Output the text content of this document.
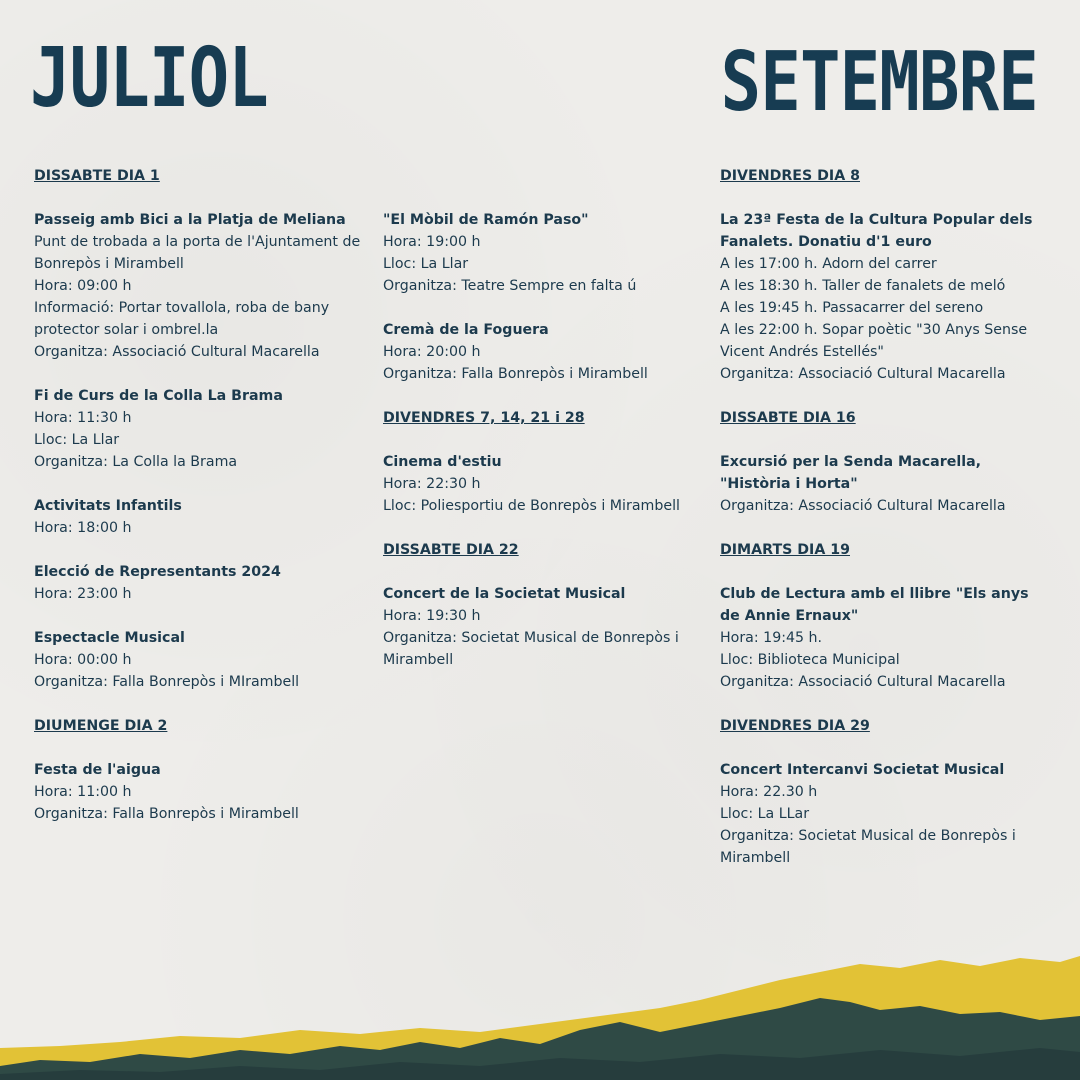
JULIOL	SETEMBRE
DISSABTE DIA 1
Passeig amb Bici a la Platja de Meliana
Punt de trobada a la porta de l'Ajuntament de Bonrepòs i Mirambell
Hora: 09:00 h
Informació: Portar tovallola, roba de bany protector solar i ombrel.la
Organitza: Associació Cultural Macarella
Fi de Curs de la Colla La Brama
Hora: 11:30 h
Lloc: La Llar
Organitza: La Colla la Brama
Activitats Infantils
Hora: 18:00 h
Elecció de Representants 2024
Hora: 23:00 h
Espectacle Musical
Hora: 00:00 h
Organitza: Falla Bonrepòs i MIrambell
DIUMENGE DIA 2
Festa de l'aigua
Hora: 11:00 h
Organitza: Falla Bonrepòs i Mirambell
"El Mòbil de Ramón Paso"
Hora: 19:00 h
Lloc: La Llar
Organitza: Teatre Sempre en falta ú
Cremà de la Foguera
Hora: 20:00 h
Organitza: Falla Bonrepòs i Mirambell
DIVENDRES 7, 14, 21 i 28
Cinema d'estiu
Hora: 22:30 h
Lloc: Poliesportiu de Bonrepòs i Mirambell
DISSABTE DIA 22
Concert de la Societat Musical
Hora: 19:30 h
Organitza: Societat Musical de Bonrepòs i Mirambell
DIVENDRES DIA 8
La 23ª Festa de la Cultura Popular dels Fanalets. Donatiu d'1 euro
A les 17:00 h. Adorn del carrer
A les 18:30 h. Taller de fanalets de meló
A les 19:45 h. Passacarrer del sereno
A les 22:00 h. Sopar poètic "30 Anys Sense Vicent Andrés Estellés"
Organitza: Associació Cultural Macarella
DISSABTE DIA 16
Excursió per la Senda Macarella, "Història i Horta"
Organitza: Associació Cultural Macarella
DIMARTS DIA 19
Club de Lectura amb el llibre "Els anys de Annie Ernaux"
Hora: 19:45 h.
Lloc: Biblioteca Municipal
Organitza: Associació Cultural Macarella
DIVENDRES DIA 29
Concert Intercanvi Societat Musical
Hora: 22.30 h
Lloc: La LLar
Organitza: Societat Musical de Bonrepòs i Mirambell
